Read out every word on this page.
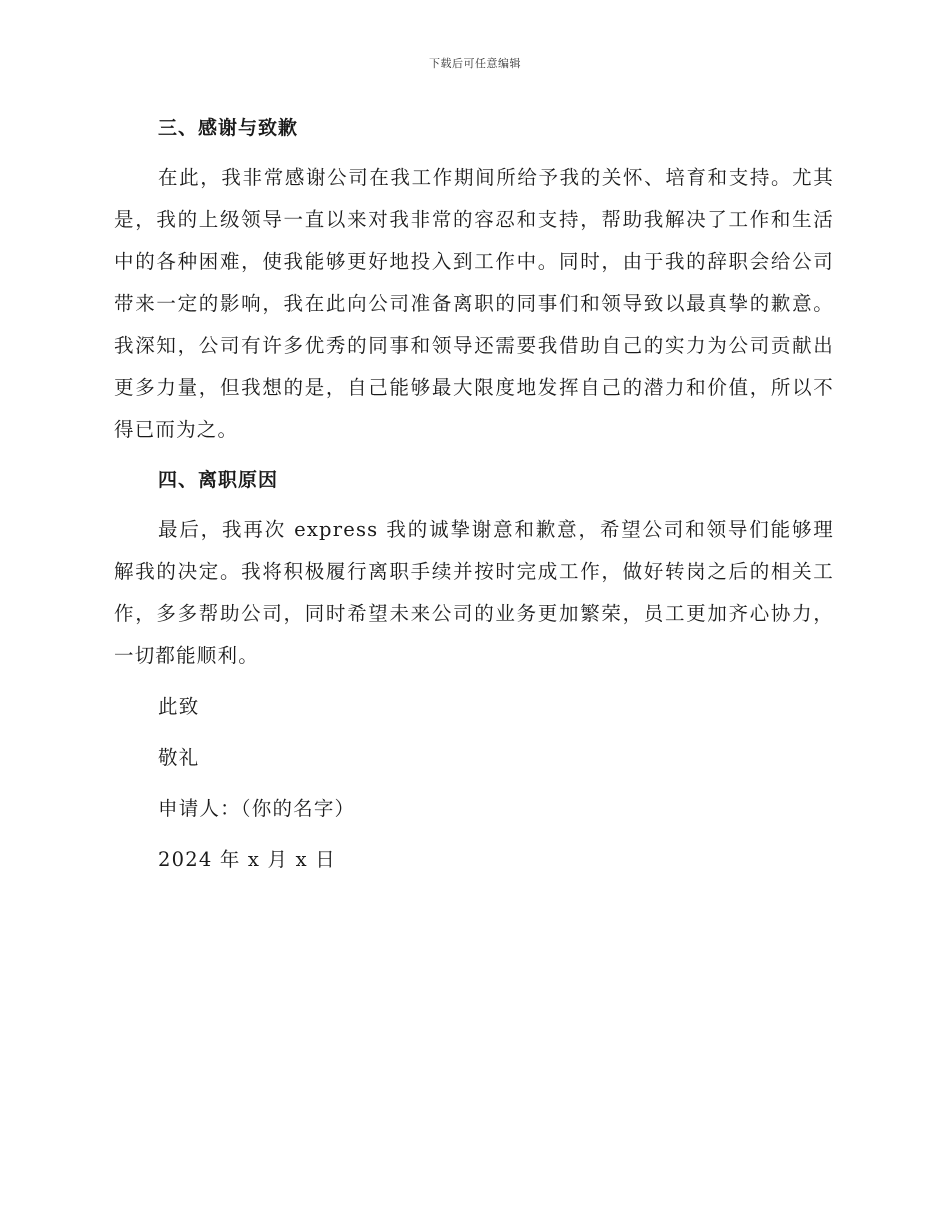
下载后可任意编辑
三、感谢与致歉

在此，我非常感谢公司在我工作期间所给予我的关怀、培育和支持。尤其是，我的上级领导一直以来对我非常的容忍和支持，帮助我解决了工作和生活中的各种困难，使我能够更好地投入到工作中。同时，由于我的辞职会给公司带来一定的影响，我在此向公司准备离职的同事们和领导致以最真挚的歉意。我深知，公司有许多优秀的同事和领导还需要我借助自己的实力为公司贡献出更多力量，但我想的是，自己能够最大限度地发挥自己的潜力和价值，所以不得已而为之。

四、离职原因

最后，我再次 express 我的诚挚谢意和歉意，希望公司和领导们能够理解我的决定。我将积极履行离职手续并按时完成工作，做好转岗之后的相关工作，多多帮助公司，同时希望未来公司的业务更加繁荣，员工更加齐心协力，一切都能顺利。

此致
敬礼
申请人：（你的名字）
2024 年 x 月 x 日
